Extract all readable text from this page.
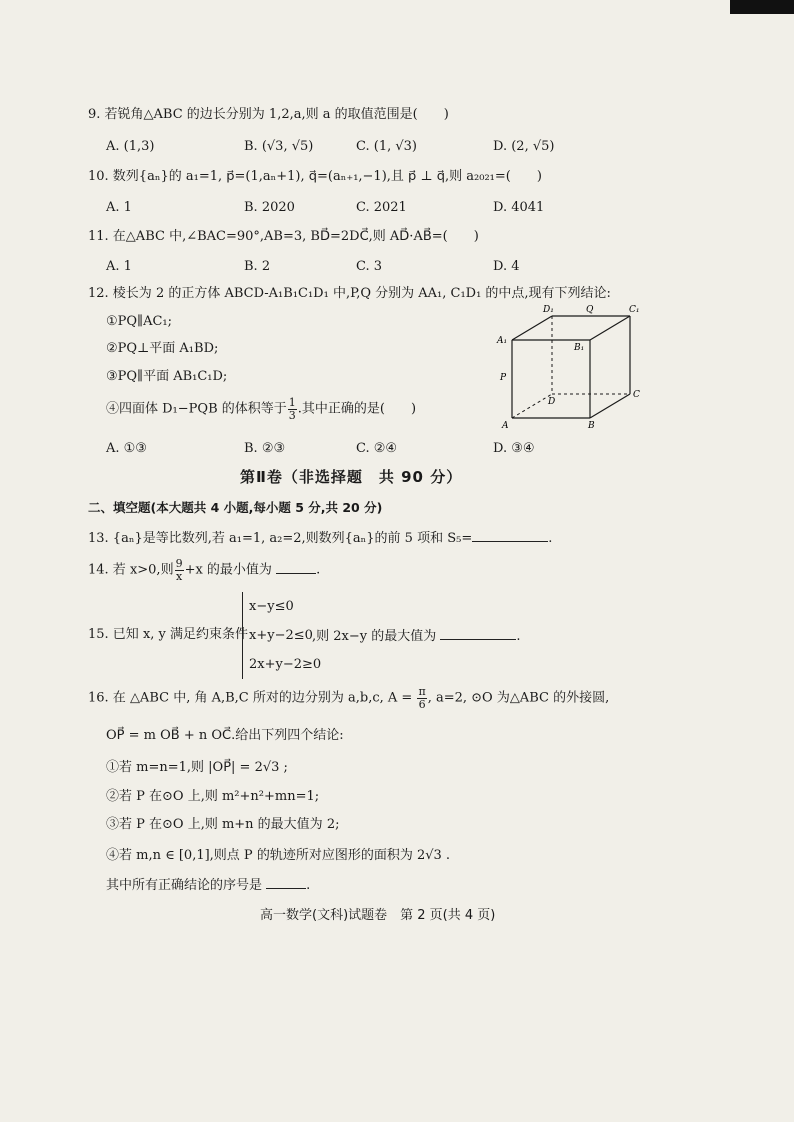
9. 若锐角△ABC 的边长分别为 1,2,a,则 a 的取值范围是(　　)
A. (1,3)	B. (√3, √5)	C. (1, √3)	D. (2, √5)
10. 数列{aₙ}的 a₁=1, p⃗=(1,aₙ+1), q⃗=(aₙ₊₁,−1),且 p⃗ ⊥ q⃗,则 a₂₀₂₁=(　　)
A. 1	B. 2020	C. 2021	D. 4041
11. 在△ABC 中,∠BAC=90°,AB=3, BD⃗=2DC⃗,则 AD⃗·AB⃗=(　　)
A. 1	B. 2	C. 3	D. 4
12. 棱长为 2 的正方体 ABCD-A₁B₁C₁D₁ 中,P,Q 分别为 AA₁, C₁D₁ 的中点,现有下列结论:
①PQ∥AC₁;
②PQ⊥平面 A₁BD;
③PQ∥平面 AB₁C₁D;
④四面体 D₁−PQB 的体积等于 $\frac{1}{3}$ .其中正确的是(　　)
A. ①③	B. ②③	C. ②④	D. ③④
D₁	Q	C₁
A₁
B₁
P
D
C
A	B
第Ⅱ卷（非选择题　共 90 分）
二、填空题(本大题共 4 小题,每小题 5 分,共 20 分)
13. {aₙ}是等比数列,若 a₁=1, a₂=2,则数列{aₙ}的前 5 项和 S₅=	.
14. 若 x>0,则 $\frac{9}{x} +x$ 的最小值为	.
15. 已知 x, y 满足约束条件
x−y≤0
x+y−2≤0
2x+y−2≥0
,则 2x−y 的最大值为	.
16. 在 △ABC 中, 角 A,B,C 所对的边分别为 a,b,c, $A = \frac{\pi}{6}$ , a=2, ⊙O 为△ABC 的外接圆,
OP⃗ = m OB⃗ + n OC⃗.给出下列四个结论:
①若 m=n=1,则 |OP⃗| = 2√3 ;
②若 P 在⊙O 上,则 m²+n²+mn=1;
③若 P 在⊙O 上,则 m+n 的最大值为 2;
④若 m,n ∈ [0,1],则点 P 的轨迹所对应图形的面积为 2√3 .
其中所有正确结论的序号是	.
高一数学(文科)试题卷　第 2 页(共 4 页)
